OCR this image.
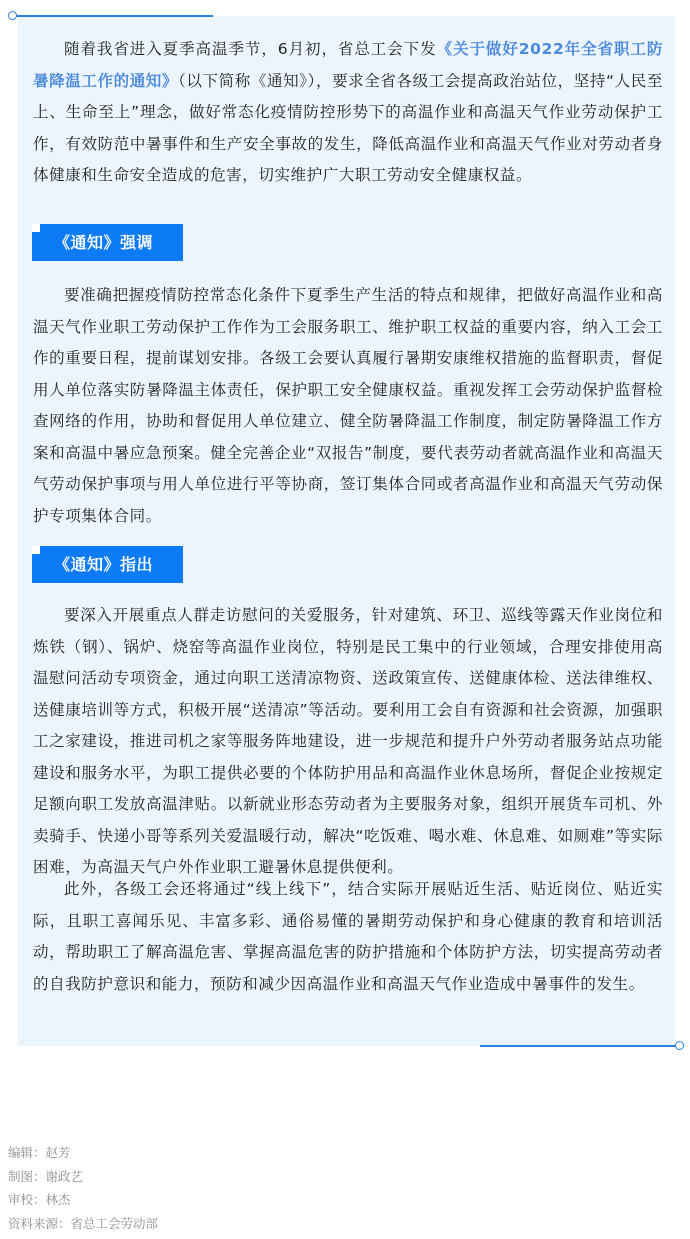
随着我省进入夏季高温季节，6月初，省总工会下发《关于做好2022年全省职工防暑降温工作的通知》（以下简称《通知》），要求全省各级工会提高政治站位，坚持“人民至上、生命至上”理念，做好常态化疫情防控形势下的高温作业和高温天气作业劳动保护工作，有效防范中暑事件和生产安全事故的发生，降低高温作业和高温天气作业对劳动者身体健康和生命安全造成的危害，切实维护广大职工劳动安全健康权益。

《通知》强调

要准确把握疫情防控常态化条件下夏季生产生活的特点和规律，把做好高温作业和高温天气作业职工劳动保护工作作为工会服务职工、维护职工权益的重要内容，纳入工会工作的重要日程，提前谋划安排。各级工会要认真履行暑期安康维权措施的监督职责，督促用人单位落实防暑降温主体责任，保护职工安全健康权益。重视发挥工会劳动保护监督检查网络的作用，协助和督促用人单位建立、健全防暑降温工作制度，制定防暑降温工作方案和高温中暑应急预案。健全完善企业“双报告”制度，要代表劳动者就高温作业和高温天气劳动保护事项与用人单位进行平等协商，签订集体合同或者高温作业和高温天气劳动保护专项集体合同。

《通知》指出

要深入开展重点人群走访慰问的关爱服务，针对建筑、环卫、巡线等露天作业岗位和炼铁（钢）、锅炉、烧窑等高温作业岗位，特别是民工集中的行业领域，合理安排使用高温慰问活动专项资金，通过向职工送清凉物资、送政策宣传、送健康体检、送法律维权、送健康培训等方式，积极开展“送清凉”等活动。要利用工会自有资源和社会资源，加强职工之家建设，推进司机之家等服务阵地建设，进一步规范和提升户外劳动者服务站点功能建设和服务水平，为职工提供必要的个体防护用品和高温作业休息场所，督促企业按规定足额向职工发放高温津贴。以新就业形态劳动者为主要服务对象，组织开展货车司机、外卖骑手、快递小哥等系列关爱温暖行动，解决“吃饭难、喝水难、休息难、如厕难”等实际困难，为高温天气户外作业职工避暑休息提供便利。

此外，各级工会还将通过“线上线下”，结合实际开展贴近生活、贴近岗位、贴近实际，且职工喜闻乐见、丰富多彩、通俗易懂的暑期劳动保护和身心健康的教育和培训活动，帮助职工了解高温危害、掌握高温危害的防护措施和个体防护方法，切实提高劳动者的自我防护意识和能力，预防和减少因高温作业和高温天气作业造成中暑事件的发生。

编辑：赵芳
制图：谢政艺
审校：林杰
资料来源：省总工会劳动部
